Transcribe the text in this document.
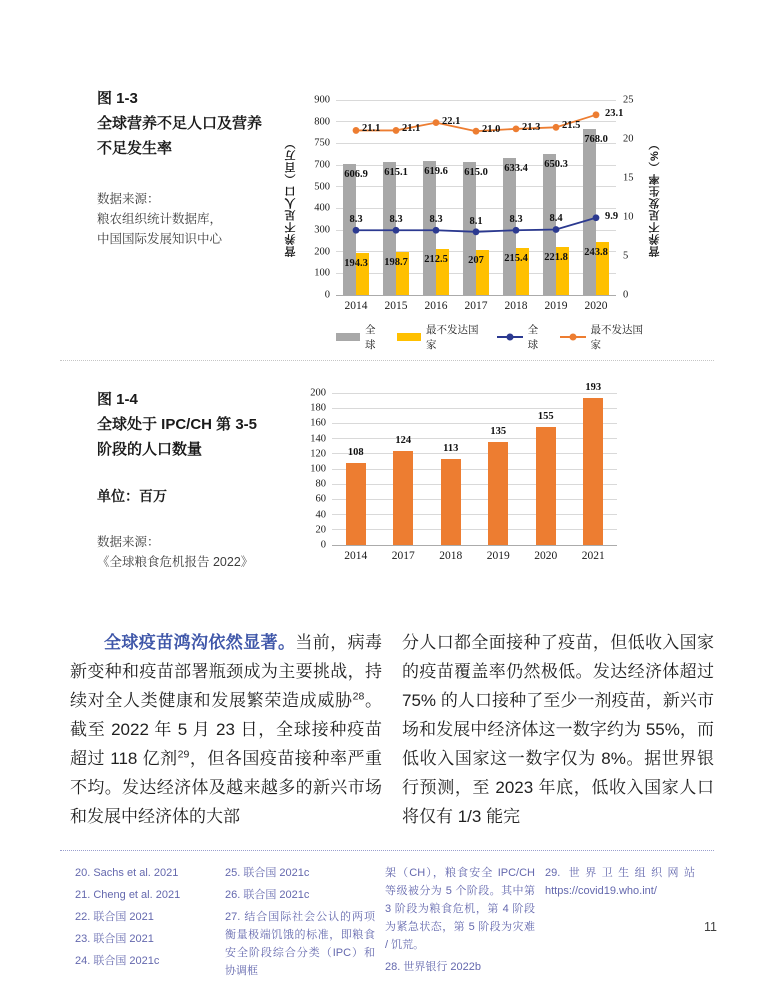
图 1-3
全球营养不足人口及营养
不足发生率
数据来源：
粮农组织统计数据库，
中国国际发展知识中心	营养不足人口（百万）
900
800
750
700
500
400
300
200
100
0
606.9
194.3
615.1
198.7
619.6
212.5
615.0
207
633.4
215.4
650.3
221.8
768.0
243.8
8.3	8.3	8.3	8.1	8.3	8.4	9.9
21.1 21.1
22.1
21.0 21.3 21.5
23.1
25
20
15
10
5
0
2014	2015	2016	2017	2018	2019	2020
全球
最不发达国家
全球
最不发达国家
营养不足发生率（%）
图 1-4
全球处于 IPC/CH 第 3-5
阶段的人口数量
单位：百万
数据来源：
《全球粮食危机报告 2022》
200
180
160
140
120
100
80
60
40
20
0
108
124
113
135
155
193
2014	2017	2018	2019	2020	2021

全球疫苗鸿沟依然显著。当前，病毒新变种和疫苗部署瓶颈成为主要挑战，持续对全人类健康和发展繁荣造成威胁$^{28}$。截至 2022 年 5 月 23 日，全球接种疫苗超过 118 亿剂$^{29}$，但各国疫苗接种率严重不均。发达经济体及越来越多的新兴市场和发展中经济体的大部

分人口都全面接种了疫苗，但低收入国家的疫苗覆盖率仍然极低。发达经济体超过 75% 的人口接种了至少一剂疫苗，新兴市场和发展中经济体这一数字约为 55%，而低收入国家这一数字仅为 8%。据世界银行预测，至 2023 年底，低收入国家人口将仅有 1/3 能完

20. Sachs et al. 2021
21. Cheng et al. 2021
22. 联合国 2021
23. 联合国 2021
24. 联合国 2021c
25. 联合国 2021c
26. 联合国 2021c
27. 结合国际社会公认的两项衡量极端饥饿的标准，即粮食安全阶段综合分类（IPC）和协调框
架（CH），粮食安全 IPC/CH 等级被分为 5 个阶段。其中第 3 阶段为粮食危机，第 4 阶段为紧急状态，第 5 阶段为灾难 / 饥荒。
28. 世界银行 2022b
29. 世界卫生组织网站 https://covid19.who.int/
11
